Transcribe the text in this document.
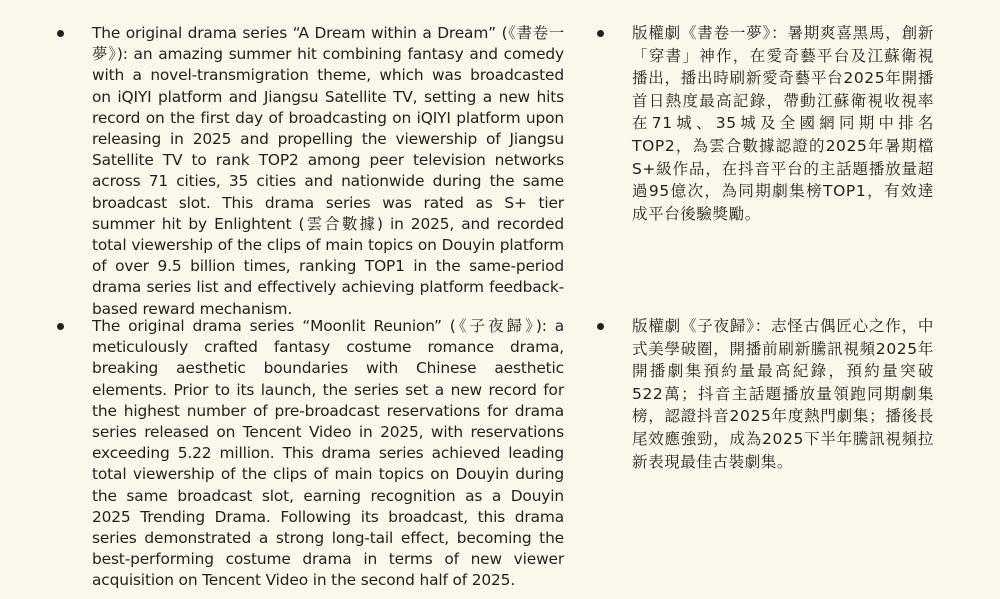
The original drama series “A Dream within a Dream” (《書卷一夢》): an amazing summer hit combining fantasy and comedy with a novel-transmigration theme, which was broadcasted on iQIYI platform and Jiangsu Satellite TV, setting a new hits record on the first day of broadcasting on iQIYI platform upon releasing in 2025 and propelling the viewership of Jiangsu Satellite TV to rank TOP2 among peer television networks across 71 cities, 35 cities and nationwide during the same broadcast slot. This drama series was rated as S+ tier summer hit by Enlightent (雲合數據) in 2025, and recorded total viewership of the clips of main topics on Douyin platform of over 9.5 billion times, ranking TOP1 in the same-period drama series list and effectively achieving platform feedback-based reward mechanism.

版權劇《書卷一夢》：暑期爽喜黑馬，創新「穿書」神作，在愛奇藝平台及江蘇衛視播出，播出時刷新愛奇藝平台2025年開播首日熱度最高記錄，帶動江蘇衛視收視率在71城、35城及全國網同期中排名TOP2，為雲合數據認證的2025年暑期檔S+級作品，在抖音平台的主話題播放量超過95億次，為同期劇集榜TOP1，有效達成平台後驗獎勵。

The original drama series “Moonlit Reunion” (《子夜歸》): a meticulously crafted fantasy costume romance drama, breaking aesthetic boundaries with Chinese aesthetic elements. Prior to its launch, the series set a new record for the highest number of pre-broadcast reservations for drama series released on Tencent Video in 2025, with reservations exceeding 5.22 million. This drama series achieved leading total viewership of the clips of main topics on Douyin during the same broadcast slot, earning recognition as a Douyin 2025 Trending Drama. Following its broadcast, this drama series demonstrated a strong long-tail effect, becoming the best-performing costume drama in terms of new viewer acquisition on Tencent Video in the second half of 2025.

版權劇《子夜歸》：志怪古偶匠心之作，中式美學破圈，開播前刷新騰訊視頻2025年開播劇集預約量最高紀錄，預約量突破522萬；抖音主話題播放量領跑同期劇集榜，認證抖音2025年度熱門劇集；播後長尾效應強勁，成為2025下半年騰訊視頻拉新表現最佳古裝劇集。
